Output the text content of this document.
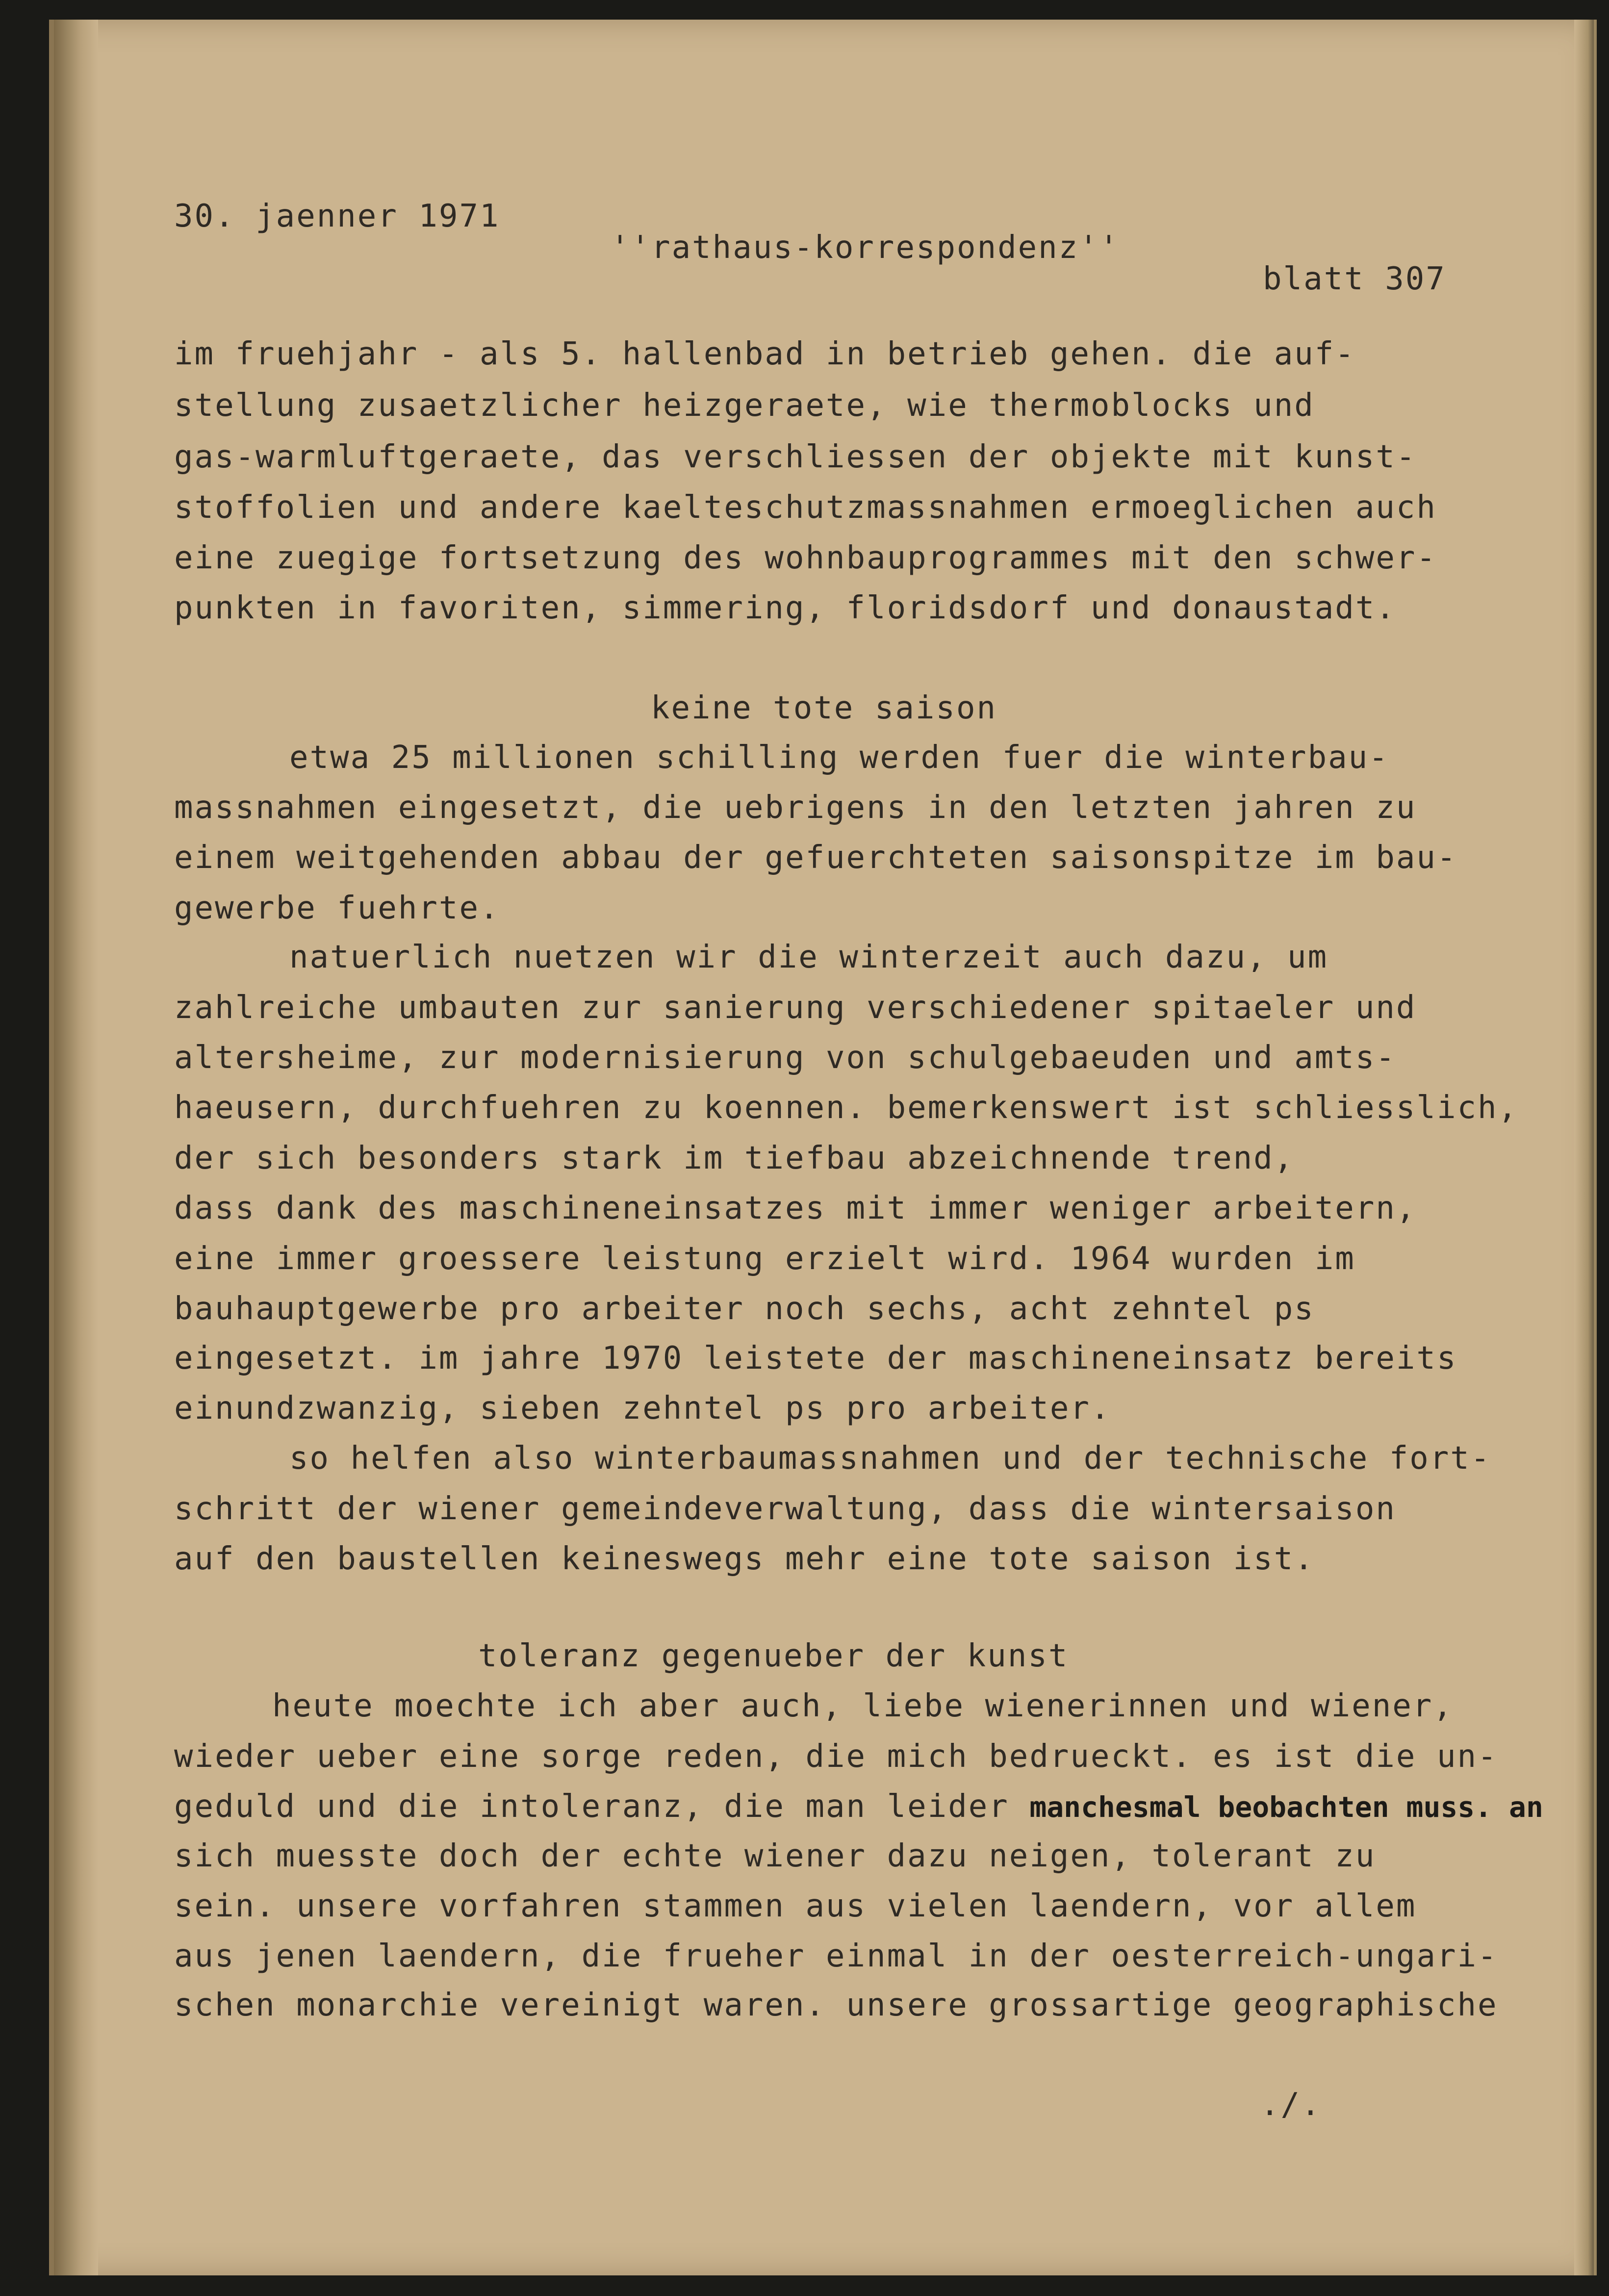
30. jaenner 1971

''rathaus-korrespondenz''

blatt 307

im fruehjahr - als 5. hallenbad in betrieb gehen. die auf-

stellung zusaetzlicher heizgeraete, wie thermoblocks und

gas-warmluftgeraete, das verschliessen der objekte mit kunst-

stoffolien und andere kaelteschutzmassnahmen ermoeglichen auch

eine zuegige fortsetzung des wohnbauprogrammes mit den schwer-

punkten in favoriten, simmering, floridsdorf und donaustadt.

keine tote saison

etwa 25 millionen schilling werden fuer die winterbau-

massnahmen eingesetzt, die uebrigens in den letzten jahren zu

einem weitgehenden abbau der gefuerchteten saisonspitze im bau-

gewerbe fuehrte.

natuerlich nuetzen wir die winterzeit auch dazu, um

zahlreiche umbauten zur sanierung verschiedener spitaeler und

altersheime, zur modernisierung von schulgebaeuden und amts-

haeusern, durchfuehren zu koennen. bemerkenswert ist schliesslich,

der sich besonders stark im tiefbau abzeichnende trend,

dass dank des maschineneinsatzes mit immer weniger arbeitern,

eine immer groessere leistung erzielt wird. 1964 wurden im

bauhauptgewerbe pro arbeiter noch sechs, acht zehntel ps

eingesetzt. im jahre 1970 leistete der maschineneinsatz bereits

einundzwanzig, sieben zehntel ps pro arbeiter.

so helfen also winterbaumassnahmen und der technische fort-

schritt der wiener gemeindeverwaltung, dass die wintersaison

auf den baustellen keineswegs mehr eine tote saison ist.

toleranz gegenueber der kunst

heute moechte ich aber auch, liebe wienerinnen und wiener,

wieder ueber eine sorge reden, die mich bedrueckt. es ist die un-

geduld und die intoleranz, die man leider manchesmal beobachten muss. an

sich muesste doch der echte wiener dazu neigen, tolerant zu

sein. unsere vorfahren stammen aus vielen laendern, vor allem

aus jenen laendern, die frueher einmal in der oesterreich-ungari-

schen monarchie vereinigt waren. unsere grossartige geographische

./.
